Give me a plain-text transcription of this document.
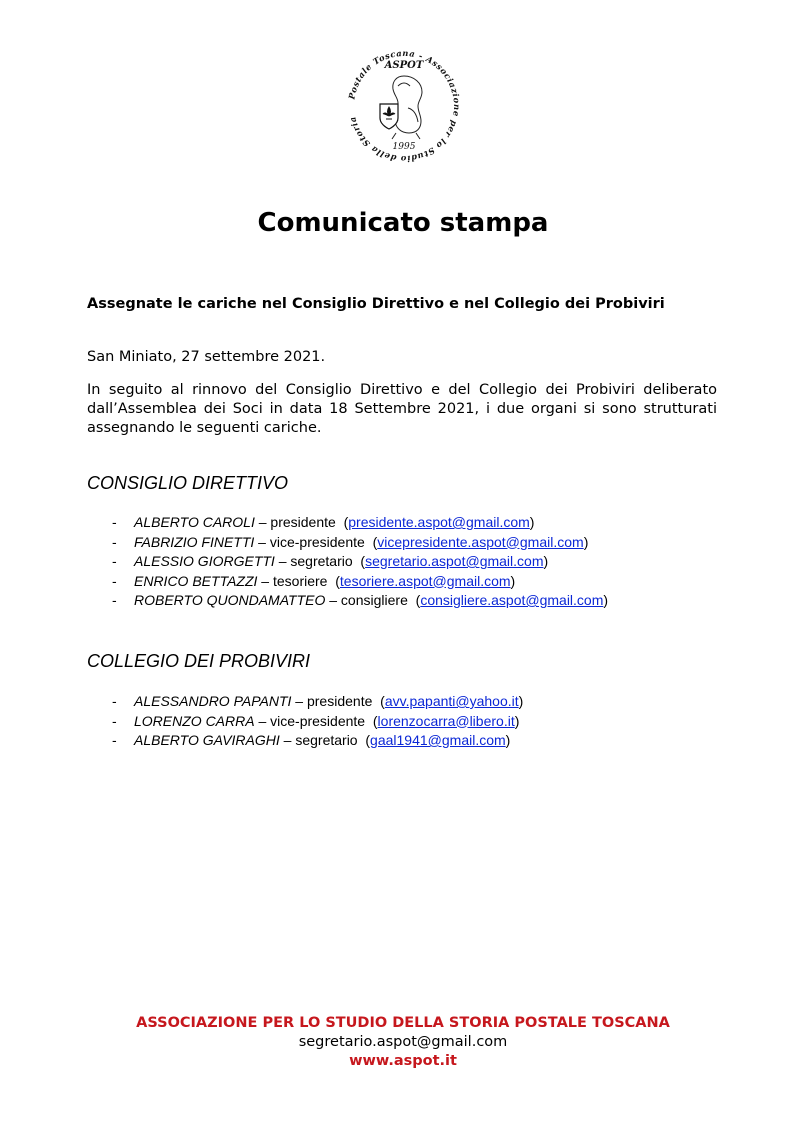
Postale Toscana - Associazione per lo Studio della Storia
ASPOT
1995
Comunicato stampa
Assegnate le cariche nel Consiglio Direttivo e nel Collegio dei Probiviri
San Miniato, 27 settembre 2021.
In seguito al rinnovo del Consiglio Direttivo e del Collegio dei Probiviri deliberato dall’Assemblea dei Soci in data 18 Settembre 2021, i due organi si sono strutturati assegnando le seguenti cariche.
CONSIGLIO DIRETTIVO
- ALBERTO CAROLI – presidente  (presidente.aspot@gmail.com)
- FABRIZIO FINETTI – vice-presidente  (vicepresidente.aspot@gmail.com)
- ALESSIO GIORGETTI – segretario  (segretario.aspot@gmail.com)
- ENRICO BETTAZZI – tesoriere  (tesoriere.aspot@gmail.com)
- ROBERTO QUONDAMATTEO – consigliere  (consigliere.aspot@gmail.com)
COLLEGIO DEI PROBIVIRI
- ALESSANDRO PAPANTI – presidente  (avv.papanti@yahoo.it)
- LORENZO CARRA – vice-presidente  (lorenzocarra@libero.it)
- ALBERTO GAVIRAGHI – segretario  (gaal1941@gmail.com)
ASSOCIAZIONE PER LO STUDIO DELLA STORIA POSTALE TOSCANA
segretario.aspot@gmail.com
www.aspot.it
